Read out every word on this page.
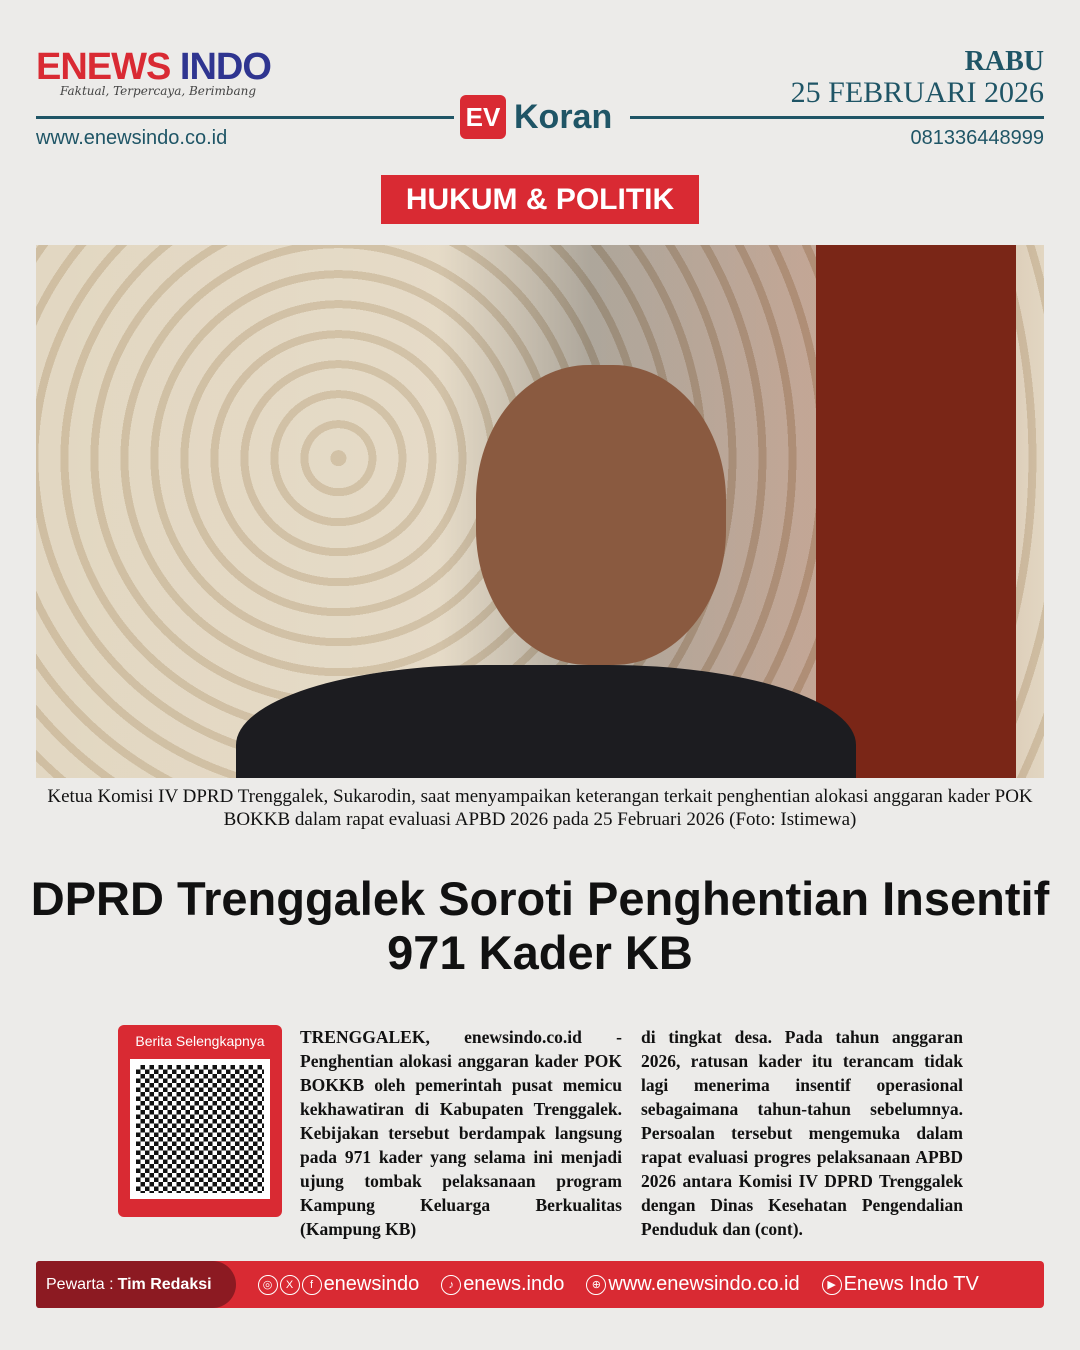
ENEWS INDO
Faktual, Terpercaya, Berimbang
EV Koran
www.enewsindo.co.id	081336448999
RABU
25 FEBRUARI 2026
HUKUM & POLITIK
Ketua Komisi IV DPRD Trenggalek, Sukarodin, saat menyampaikan keterangan terkait penghentian alokasi anggaran kader POK BOKKB dalam rapat evaluasi APBD 2026 pada 25 Februari 2026 (Foto: Istimewa)
DPRD Trenggalek Soroti Penghentian Insentif 971 Kader KB
Berita Selengkapnya	TRENGGALEK, enewsindo.co.id - Penghentian alokasi anggaran kader POK BOKKB oleh pemerintah pusat memicu kekhawatiran di Kabupaten Trenggalek. Kebijakan tersebut berdampak langsung pada 971 kader yang selama ini menjadi ujung tombak pelaksanaan program Kampung Keluarga Berkualitas (Kampung KB)
di tingkat desa. Pada tahun anggaran 2026, ratusan kader itu terancam tidak lagi menerima insentif operasional sebagaimana tahun-tahun sebelumnya. Persoalan tersebut mengemuka dalam rapat evaluasi progres pelaksanaan APBD 2026 antara Komisi IV DPRD Trenggalek dengan Dinas Kesehatan Pengendalian Penduduk dan (cont).
Pewarta : Tim Redaksi	◎	X	f enewsindo	♪ enews.indo	⊕ www.enewsindo.co.id	▶ Enews Indo TV
